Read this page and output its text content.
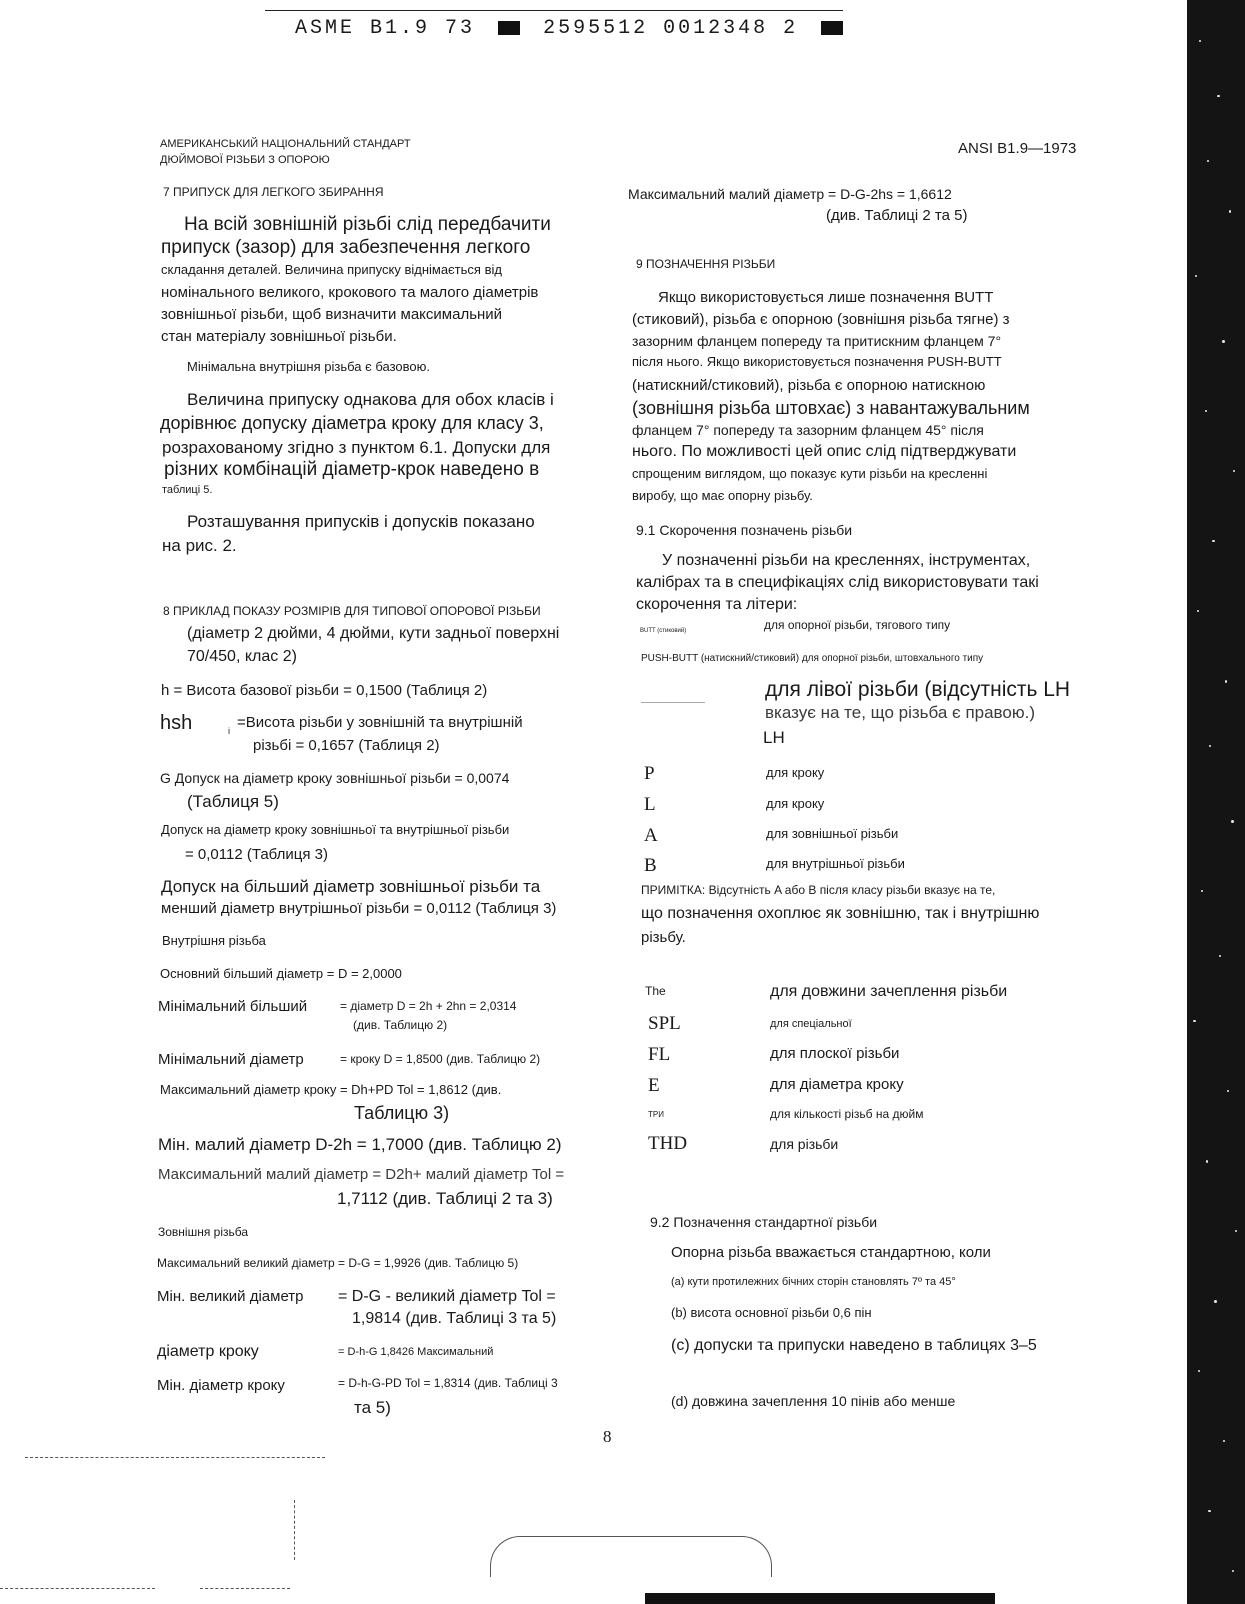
ASME B1.9 73	2595512 0012348 2
АМЕРИКАНСЬКИЙ НАЦІОНАЛЬНИЙ СТАНДАРТ
ДЮЙМОВОЇ РІЗЬБИ З ОПОРОЮ
ANSI B1.9—1973
7 ПРИПУСК ДЛЯ ЛЕГКОГО ЗБИРАННЯ
На всій зовнішній різьбі слід передбачити
припуск (зазор) для забезпечення легкого
складання деталей. Величина припуску віднімається від
номінального великого, крокового та малого діаметрів
зовнішньої різьби, щоб визначити максимальний
стан матеріалу зовнішньої різьби.
Мінімальна внутрішня різьба є базовою.
Величина припуску однакова для обох класів і
дорівнює допуску діаметра кроку для класу 3,
розрахованому згідно з пунктом 6.1. Допуски для
різних комбінацій діаметр-крок наведено в
таблиці 5.
Розташування припусків і допусків показано
на рис. 2.
8 ПРИКЛАД ПОКАЗУ РОЗМІРІВ ДЛЯ ТИПОВОЇ ОПОРОВОЇ РІЗЬБИ
(діаметр 2 дюйми, 4 дюйми, кути задньої поверхні
70/450, клас 2)
h = Висота базової різьби = 0,1500 (Таблиця 2)
hsh	i =Висота різьби у зовнішній та внутрішній
різьбі = 0,1657 (Таблиця 2)
G Допуск на діаметр кроку зовнішньої різьби = 0,0074
(Таблиця 5)
Допуск на діаметр кроку зовнішньої та внутрішньої різьби
= 0,0112 (Таблиця 3)
Допуск на більший діаметр зовнішньої різьби та
менший діаметр внутрішньої різьби = 0,0112 (Таблиця 3)
Внутрішня різьба
Основний більший діаметр = D = 2,0000
Мінімальний більший	= діаметр D = 2h + 2hn = 2,0314
(див. Таблицю 2)
Мінімальний діаметр	= кроку D = 1,8500 (див. Таблицю 2)
Максимальний діаметр кроку = Dh+PD Tol = 1,8612 (див.
Таблицю 3)
Мін. малий діаметр D-2h = 1,7000 (див. Таблицю 2)
Максимальний малий діаметр = D2h+ малий діаметр Tol =
1,7112 (див. Таблиці 2 та 3)
Зовнішня різьба
Максимальний великий діаметр = D-G = 1,9926 (див. Таблицю 5)
Мін. великий діаметр = D-G - великий діаметр Tol =
1,9814 (див. Таблиці 3 та 5)
діаметр кроку	= D-h-G 1,8426 Максимальний
Мін. діаметр кроку	= D-h-G-PD Tol = 1,8314 (див. Таблиці 3
та 5)
Максимальний малий діаметр = D-G-2hs = 1,6612
(див. Таблиці 2 та 5)
9 ПОЗНАЧЕННЯ РІЗЬБИ
Якщо використовується лише позначення BUTT
(стиковий), різьба є опорною (зовнішня різьба тягне) з
зазорним фланцем попереду та притискним фланцем 7°
після нього. Якщо використовується позначення PUSH-BUTT
(натискний/стиковий), різьба є опорною натискною
(зовнішня різьба штовхає) з навантажувальним
фланцем 7° попереду та зазорним фланцем 45° після
нього. По можливості цей опис слід підтверджувати
спрощеним виглядом, що показує кути різьби на кресленні
виробу, що має опорну різьбу.
9.1 Скорочення позначень різьби
У позначенні різьби на кресленнях, інструментах,
калібрах та в специфікаціях слід використовувати такі
скорочення та літери:
BUTT (стиковий)	для опорної різьби, тягового типу
PUSH-BUTT (натискний/стиковий) для опорної різьби, штовхального типу
для лівої різьби (відсутність LH
вказує на те, що різьба є правою.)
LH
P	для кроку
L	для кроку
A	для зовнішньої різьби
B	для внутрішньої різьби
ПРИМІТКА: Відсутність A або B після класу різьби вказує на те,
що позначення охоплює як зовнішню, так і внутрішню
різьбу.
The	для довжини зачеплення різьби
SPL	для спеціальної
FL	для плоскої різьби
E	для діаметра кроку
ТРИ	для кількості різьб на дюйм
THD	для різьби
9.2 Позначення стандартної різьби
Опорна різьба вважається стандартною, коли
(a) кути протилежних бічних сторін становлять 7º та 45°
(b) висота основної різьби 0,6 пін
(c) допуски та припуски наведено в таблицях 3–5
(d) довжина зачеплення 10 пінів або менше
8
